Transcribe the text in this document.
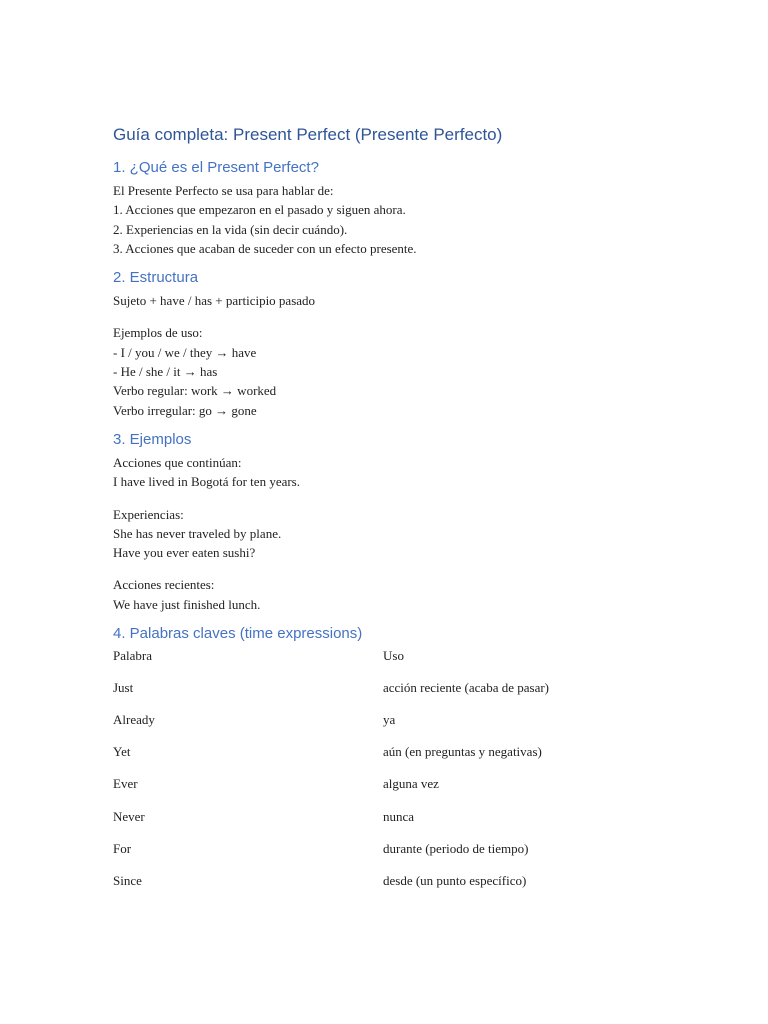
Guía completa: Present Perfect (Presente Perfecto)
1. ¿Qué es el Present Perfect?

El Presente Perfecto se usa para hablar de:

1. Acciones que empezaron en el pasado y siguen ahora.

2. Experiencias en la vida (sin decir cuándo).

3. Acciones que acaban de suceder con un efecto presente.

2. Estructura

Sujeto + have / has + participio pasado

Ejemplos de uso:

- I / you / we / they → have

- He / she / it → has

Verbo regular: work → worked

Verbo irregular: go → gone

3. Ejemplos

Acciones que continúan:

I have lived in Bogotá for ten years.

Experiencias:

She has never traveled by plane.

Have you ever eaten sushi?

Acciones recientes:

We have just finished lunch.

4. Palabras claves (time expressions)
Palabra	Uso
Just	acción reciente (acaba de pasar)
Already	ya
Yet	aún (en preguntas y negativas)
Ever	alguna vez
Never	nunca
For	durante (periodo de tiempo)
Since	desde (un punto específico)
